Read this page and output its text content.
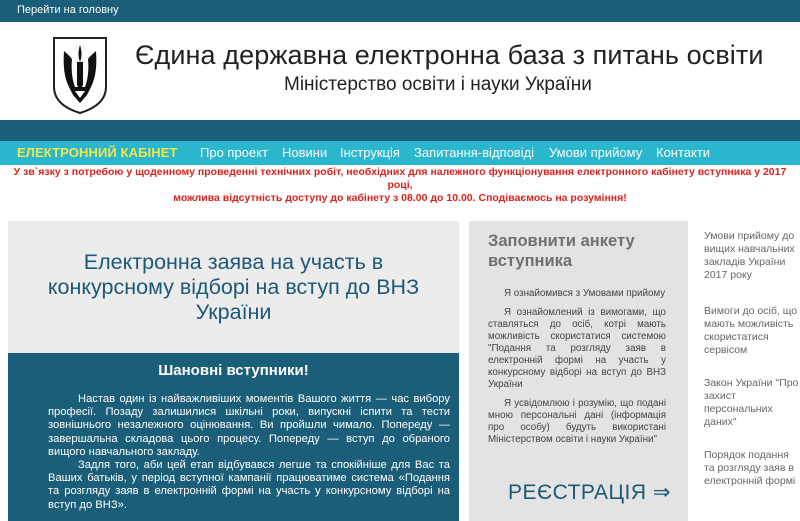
Перейти на головну
Єдина державна електронна база з питань освіти
Міністерство освіти і науки України
ЕЛЕКТРОННИЙ КАБІНЕТ Про проект Новини Інструкція Запитання-відповіді Умови прийому Контакти
У зв`язку з потребою у щоденному проведенні технічних робіт, необхідних для належного функціонування електронного кабінету вступника у 2017 році,
можлива відсутність доступу до кабінету з 08.00 до 10.00. Сподіваємось на розуміння!
Електронна заява на участь в
конкурсному відборі на вступ до ВНЗ
України
Шановні вступники!

Настав один із найважливіших моментів Вашого життя — час вибору професії. Позаду залишилися шкільні роки, випускні іспити та тести зовнішнього незалежного оцінювання. Ви пройшли чимало. Попереду — завершальна складова цього процесу. Попереду — вступ до обраного вищого навчального закладу.

Задля того, аби цей етап відбувався легше та спокійніше для Вас та Ваших батьків, у період вступної кампанії працюватиме система «Подання та розгляду заяв в електронній формі на участь у конкурсному відборі на вступ до ВНЗ».

Заповнити анкету вступника

Я ознайомився з Умовами прийому

Я ознайомлений із вимогами, що ставляться до осіб, котрі мають можливість скористатися системою "Подання та розгляду заяв в електронній формі на участь у конкурсному відборі на вступ до ВНЗ України

Я усвідомлюю і розумію, що подані мною персональні дані (інформація про особу) будуть використані Міністерством освіти і науки України"

РЕЄСТРАЦІЯ ⇒
Умови прийому до вищих навчальних закладів України 2017 року
Вимоги до осіб, що мають можливість скористатися сервісом
Закон України "Про захист персональних даних"
Порядок подання та розгляду заяв в електронній формі
